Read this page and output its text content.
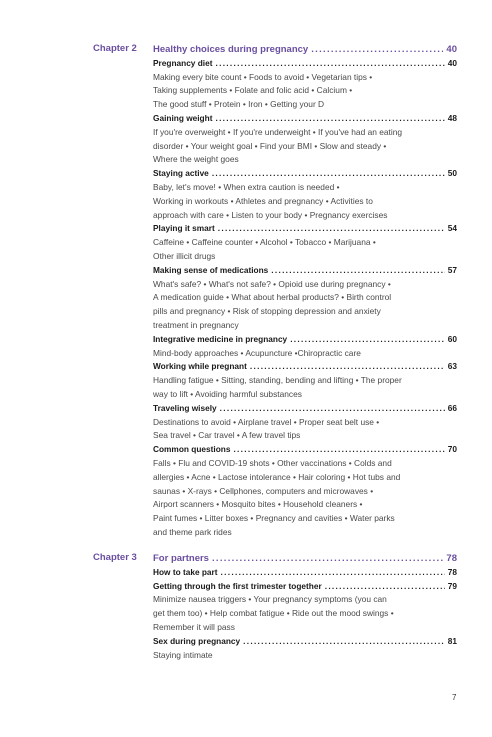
Chapter 2 Healthy choices during pregnancy .....	40
Pregnancy diet .....	40
Making every bite count • Foods to avoid • Vegetarian tips •
Taking supplements • Folate and folic acid • Calcium •
The good stuff • Protein • Iron • Getting your D
Gaining weight .....	48
If you're overweight • If you're underweight • If you've had an eating
disorder • Your weight goal • Find your BMI • Slow and steady •
Where the weight goes
Staying active .....	50
Baby, let's move! • When extra caution is needed •
Working in workouts • Athletes and pregnancy • Activities to
approach with care • Listen to your body • Pregnancy exercises
Playing it smart .....	54
Caffeine • Caffeine counter • Alcohol • Tobacco • Marijuana •
Other illicit drugs
Making sense of medications .....	57
What's safe? • What's not safe? • Opioid use during pregnancy •
A medication guide • What about herbal products? • Birth control
pills and pregnancy • Risk of stopping depression and anxiety
treatment in pregnancy
Integrative medicine in pregnancy .....	60
Mind-body approaches • Acupuncture •Chiropractic care
Working while pregnant .....	63
Handling fatigue • Sitting, standing, bending and lifting • The proper
way to lift • Avoiding harmful substances
Traveling wisely .....	66
Destinations to avoid • Airplane travel • Proper seat belt use •
Sea travel • Car travel • A few travel tips
Common questions .....	70
Falls • Flu and COVID-19 shots • Other vaccinations • Colds and
allergies • Acne • Lactose intolerance • Hair coloring • Hot tubs and
saunas • X-rays • Cellphones, computers and microwaves •
Airport scanners • Mosquito bites • Household cleaners •
Paint fumes • Litter boxes • Pregnancy and cavities • Water parks
and theme park rides
Chapter 3 For partners .....	78
How to take part .....	78
Getting through the first trimester together .....	79
Minimize nausea triggers • Your pregnancy symptoms (you can
get them too) • Help combat fatigue • Ride out the mood swings •
Remember it will pass
Sex during pregnancy .....	81
Staying intimate
7
